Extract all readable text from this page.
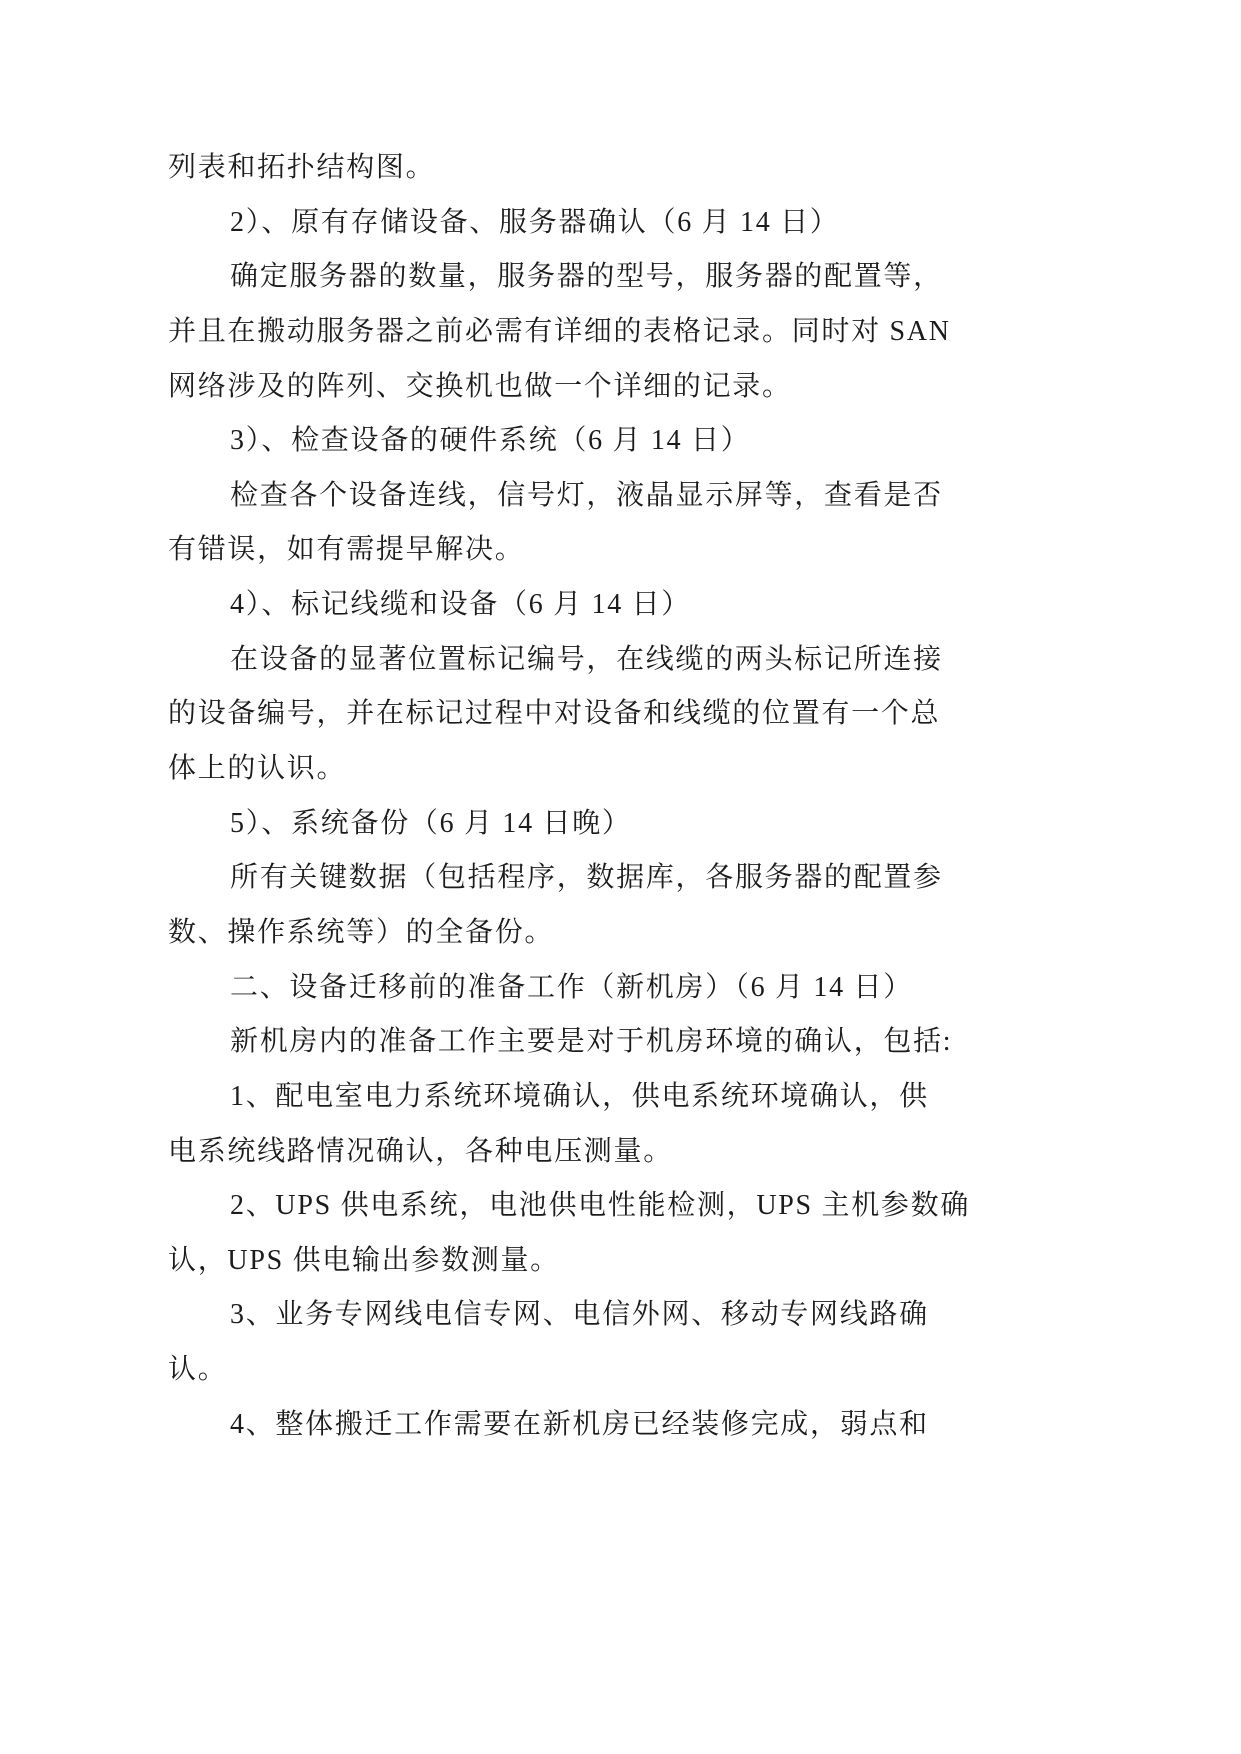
列表和拓扑结构图。
2）、原有存储设备、服务器确认（6 月 14 日）
确定服务器的数量，服务器的型号，服务器的配置等，
并且在搬动服务器之前必需有详细的表格记录。同时对 SAN
网络涉及的阵列、交换机也做一个详细的记录。
3）、检查设备的硬件系统（6 月 14 日）
检查各个设备连线，信号灯，液晶显示屏等，查看是否
有错误，如有需提早解决。
4）、标记线缆和设备（6 月 14 日）
在设备的显著位置标记编号，在线缆的两头标记所连接
的设备编号，并在标记过程中对设备和线缆的位置有一个总
体上的认识。
5）、系统备份（6 月 14 日晚）
所有关键数据（包括程序，数据库，各服务器的配置参
数、操作系统等）的全备份。
二、设备迁移前的准备工作（新机房）（6 月 14 日）
新机房内的准备工作主要是对于机房环境的确认，包括:
1、配电室电力系统环境确认，供电系统环境确认，供
电系统线路情况确认，各种电压测量。
2、UPS 供电系统，电池供电性能检测，UPS 主机参数确
认，UPS 供电输出参数测量。
3、业务专网线电信专网、电信外网、移动专网线路确
认。
4、整体搬迁工作需要在新机房已经装修完成，弱点和
